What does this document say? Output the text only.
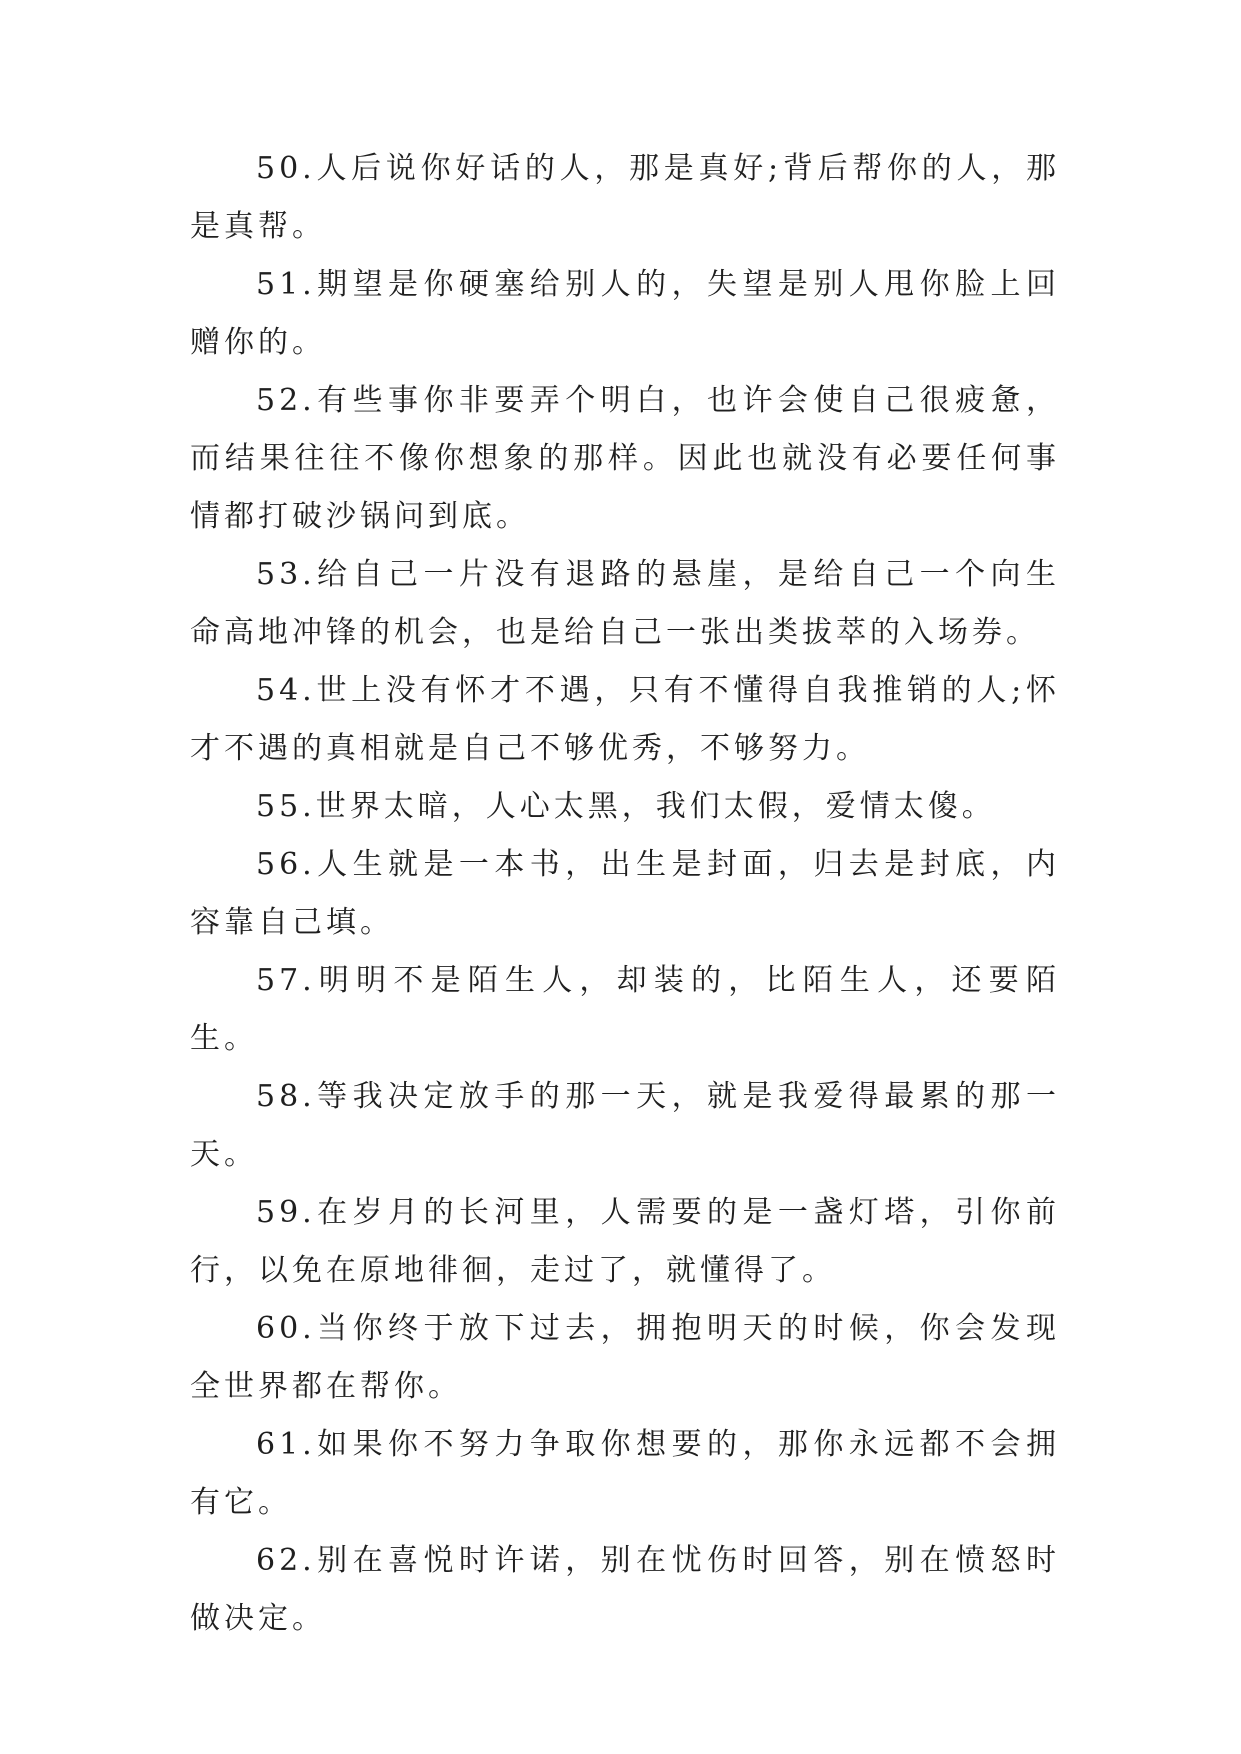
50.人后说你好话的人，那是真好;背后帮你的人，那是真帮。

51.期望是你硬塞给别人的，失望是别人甩你脸上回赠你的。

52.有些事你非要弄个明白，也许会使自己很疲惫，而结果往往不像你想象的那样。因此也就没有必要任何事情都打破沙锅问到底。

53.给自己一片没有退路的悬崖，是给自己一个向生命高地冲锋的机会，也是给自己一张出类拔萃的入场券。

54.世上没有怀才不遇，只有不懂得自我推销的人;怀才不遇的真相就是自己不够优秀，不够努力。

55.世界太暗，人心太黑，我们太假，爱情太傻。

56.人生就是一本书，出生是封面，归去是封底，内容靠自己填。

57.明明不是陌生人，却装的，比陌生人，还要陌生。

58.等我决定放手的那一天，就是我爱得最累的那一天。

59.在岁月的长河里，人需要的是一盏灯塔，引你前行，以免在原地徘徊，走过了，就懂得了。

60.当你终于放下过去，拥抱明天的时候，你会发现全世界都在帮你。

61.如果你不努力争取你想要的，那你永远都不会拥有它。

62.别在喜悦时许诺，别在忧伤时回答，别在愤怒时做决定。
